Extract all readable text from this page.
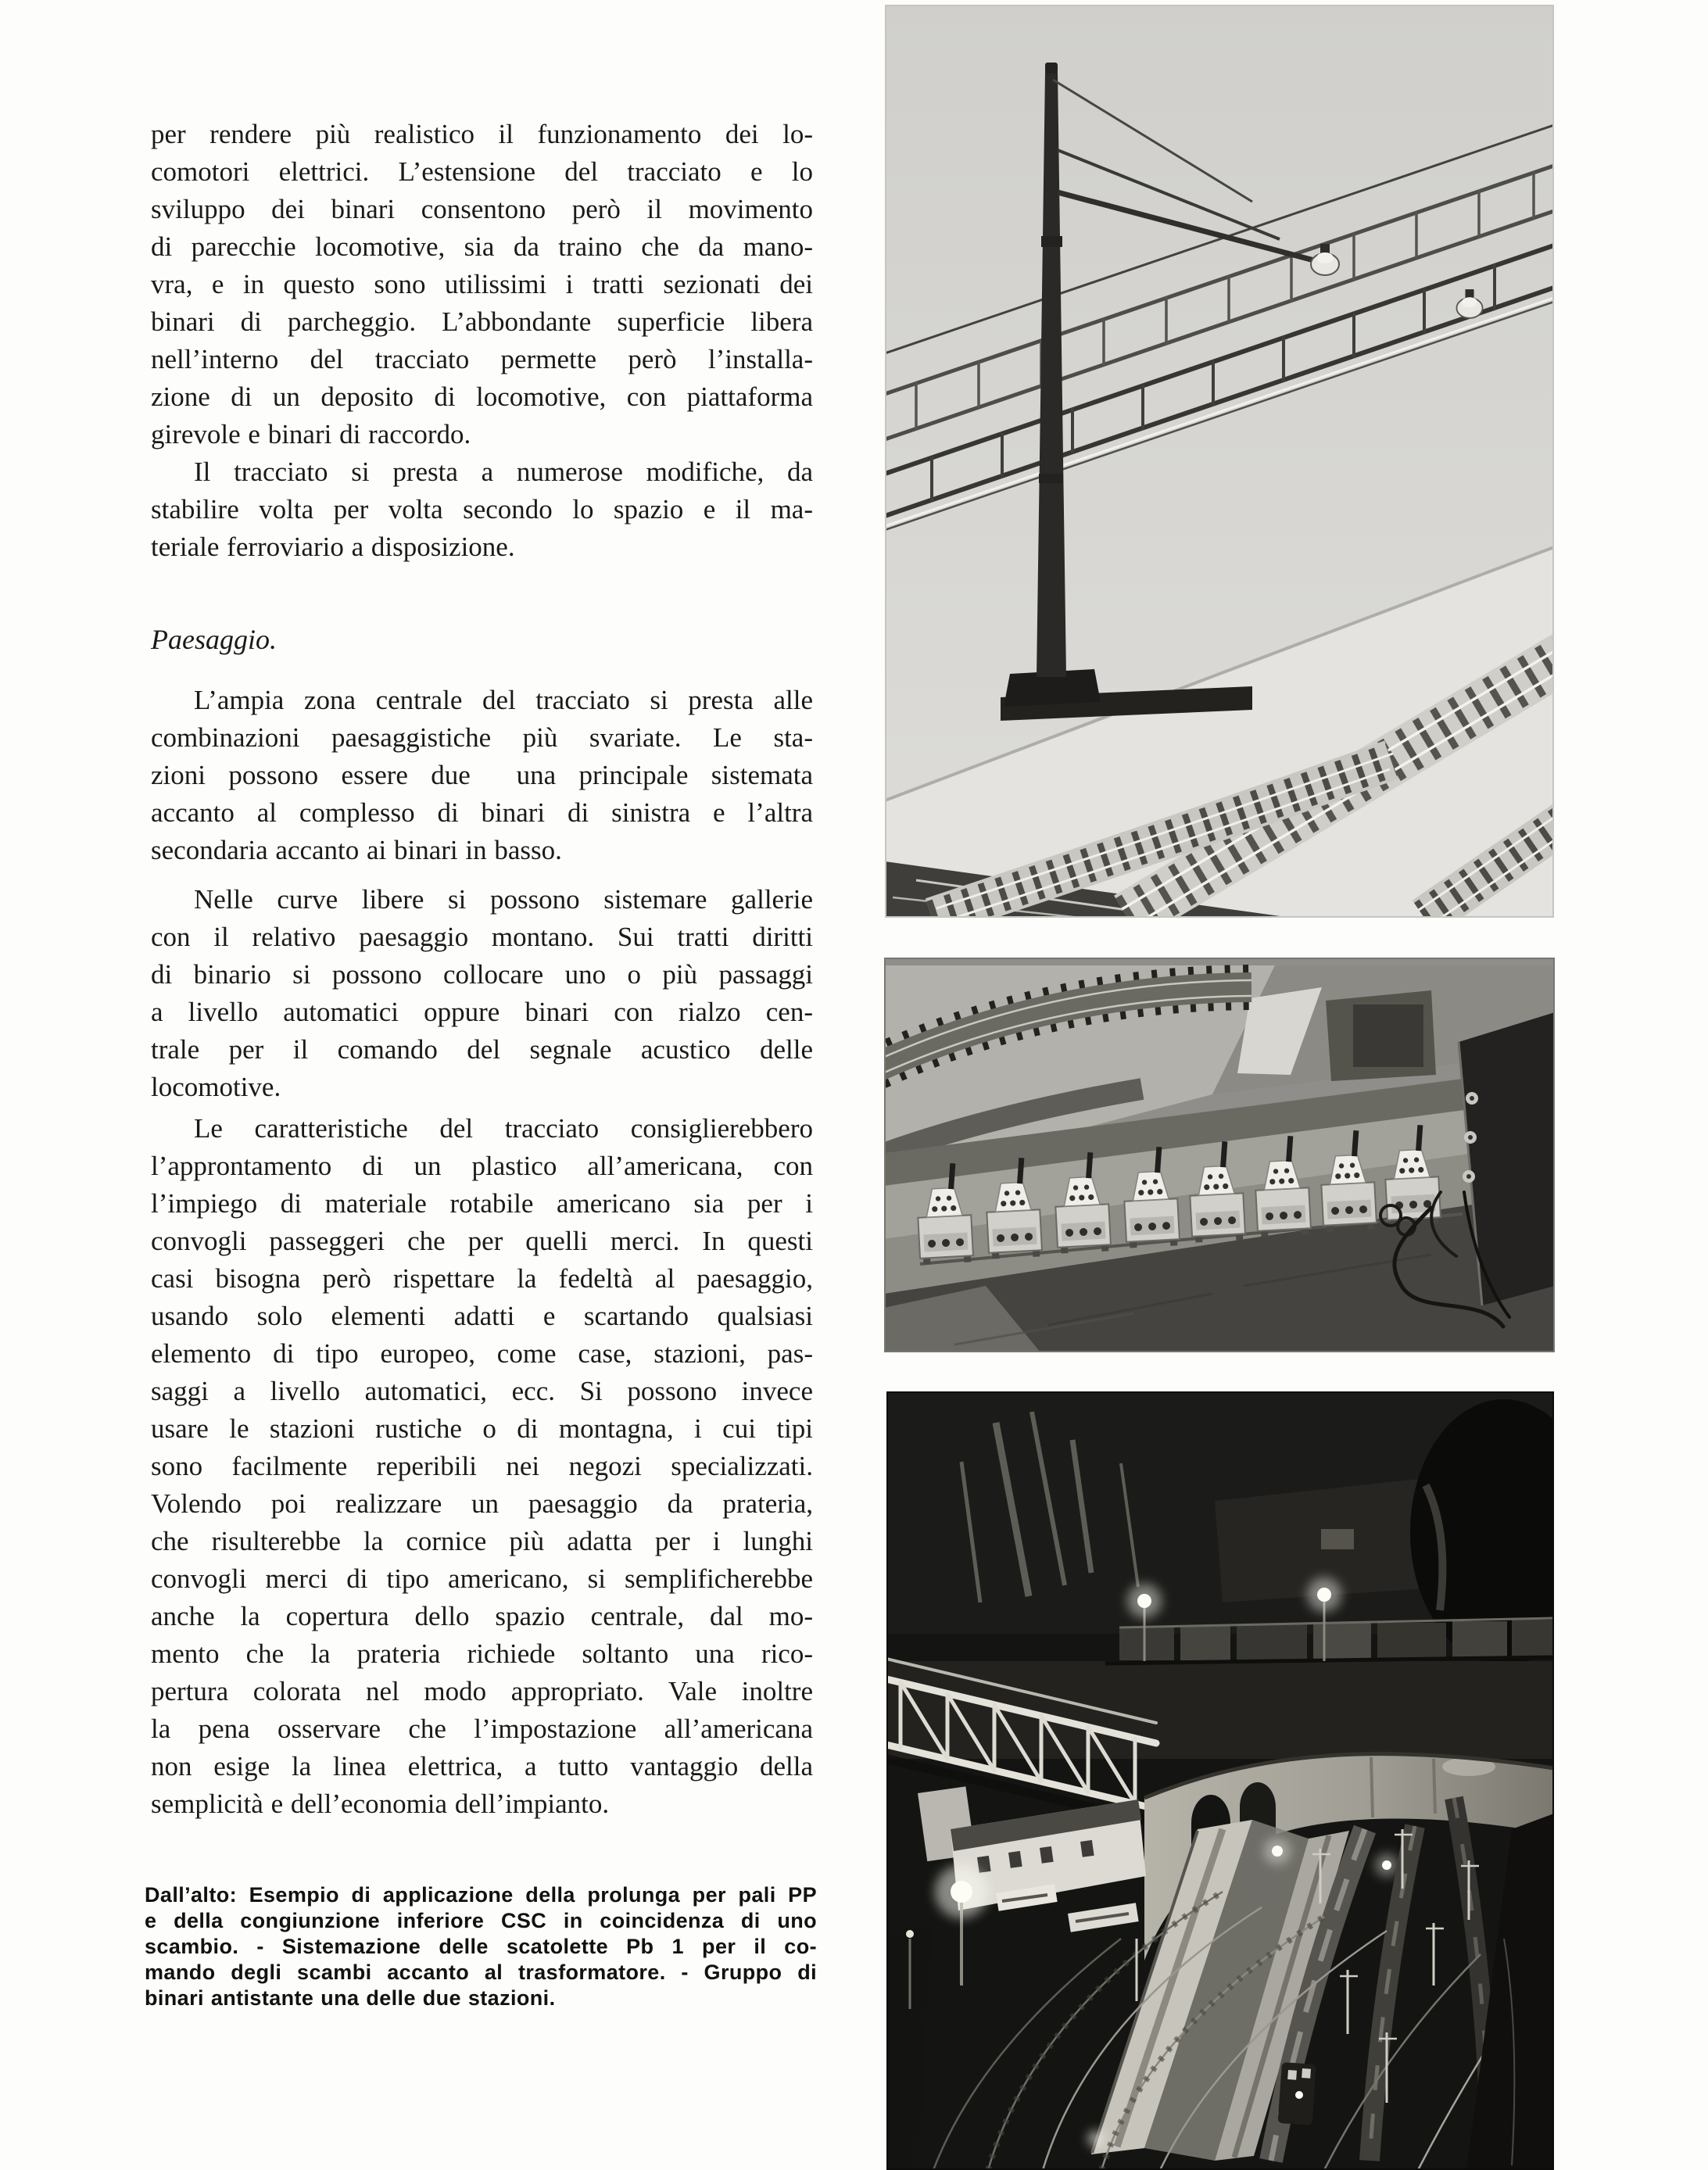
per rendere più realistico il funzionamento dei lo-
comotori elettrici. L’estensione del tracciato e lo
sviluppo dei binari consentono però il movimento
di parecchie locomotive, sia da traino che da mano-
vra, e in questo sono utilissimi i tratti sezionati dei
binari di parcheggio. L’abbondante superficie libera
nell’interno del tracciato permette però l’installa-
zione di un deposito di locomotive, con piattaforma
girevole e binari di raccordo.
Il tracciato si presta a numerose modifiche, da
stabilire volta per volta secondo lo spazio e il ma-
teriale ferroviario a disposizione.
Paesaggio.
L’ampia zona centrale del tracciato si presta alle
combinazioni paesaggistiche più svariate. Le sta-
zioni possono essere due  una principale sistemata
accanto al complesso di binari di sinistra e l’altra
secondaria accanto ai binari in basso.
Nelle curve libere si possono sistemare gallerie
con il relativo paesaggio montano. Sui tratti diritti
di binario si possono collocare uno o più passaggi
a livello automatici oppure binari con rialzo cen-
trale per il comando del segnale acustico delle
locomotive.
Le caratteristiche del tracciato consiglierebbero
l’approntamento di un plastico all’americana, con
l’impiego di materiale rotabile americano sia per i
convogli passeggeri che per quelli merci. In questi
casi bisogna però rispettare la fedeltà al paesaggio,
usando solo elementi adatti e scartando qualsiasi
elemento di tipo europeo, come case, stazioni, pas-
saggi a livello automatici, ecc. Si possono invece
usare le stazioni rustiche o di montagna, i cui tipi
sono facilmente reperibili nei negozi specializzati.
Volendo poi realizzare un paesaggio da prateria,
che risulterebbe la cornice più adatta per i lunghi
convogli merci di tipo americano, si semplificherebbe
anche la copertura dello spazio centrale, dal mo-
mento che la prateria richiede soltanto una rico-
pertura colorata nel modo appropriato. Vale inoltre
la pena osservare che l’impostazione all’americana
non esige la linea elettrica, a tutto vantaggio della
semplicità e dell’economia dell’impianto.
Dall’alto: Esempio di applicazione della prolunga per pali PP
e della congiunzione inferiore CSC in coincidenza di uno
scambio. - Sistemazione delle scatolette Pb 1 per il co-
mando degli scambi accanto al trasformatore. - Gruppo di
binari antistante una delle due stazioni.
